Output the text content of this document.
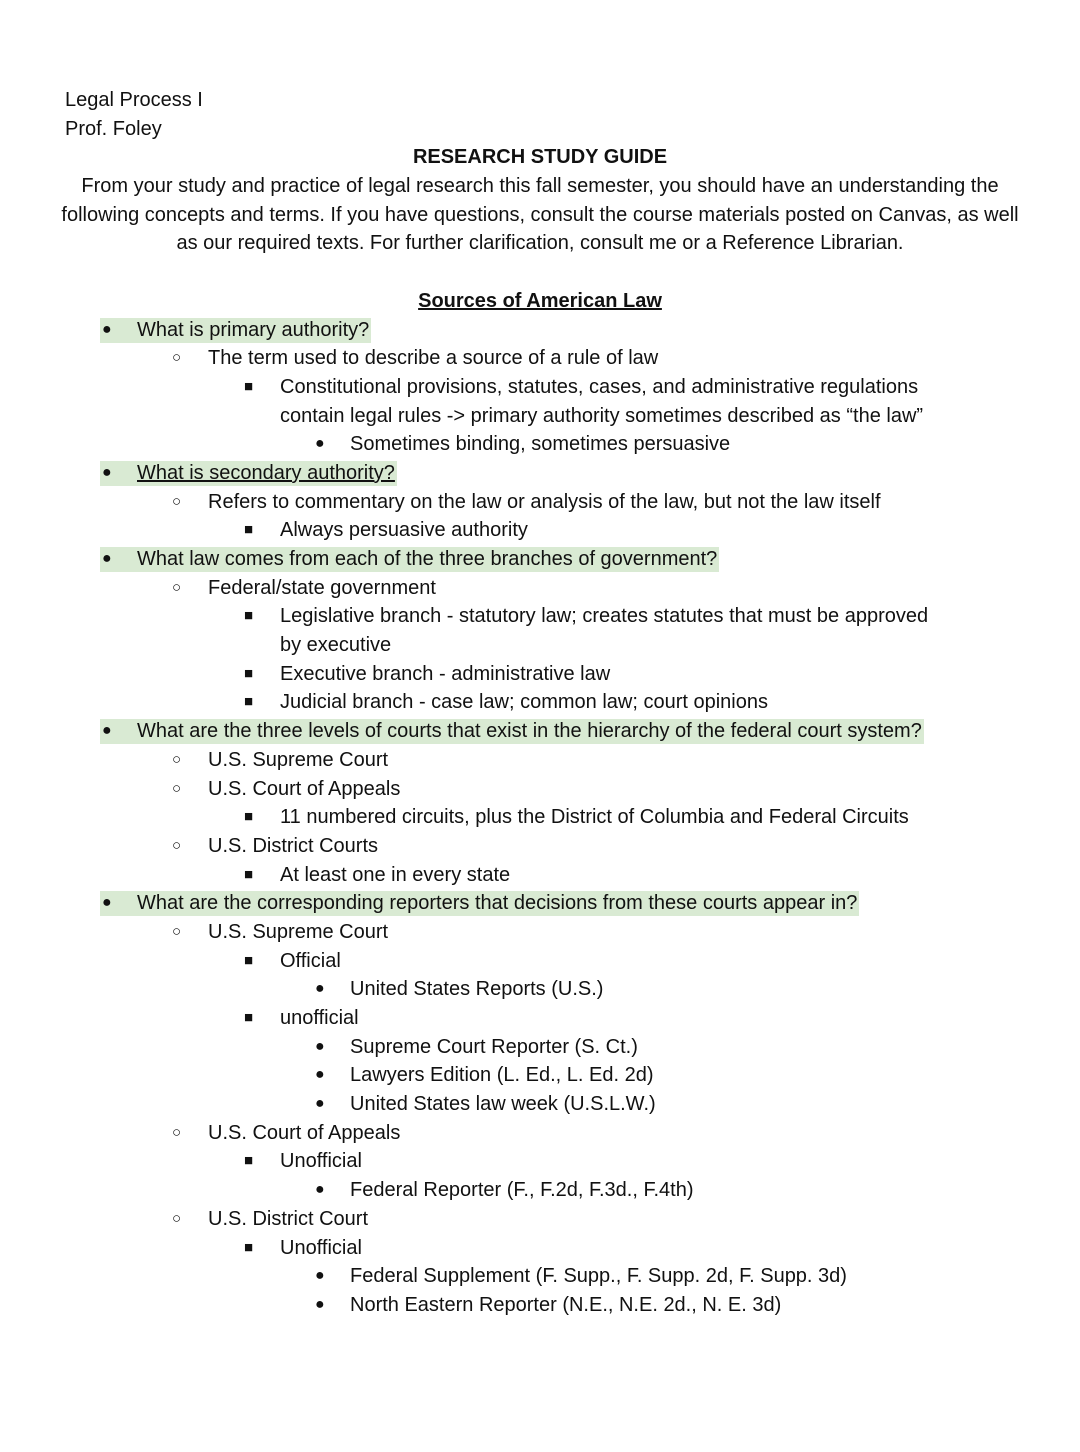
Legal Process I
Prof. Foley
RESEARCH STUDY GUIDE
From your study and practice of legal research this fall semester, you should have an understanding the following concepts and terms. If you have questions, consult the course materials posted on Canvas, as well as our required texts. For further clarification, consult me or a Reference Librarian.
Sources of American Law
● What is primary authority?
○ The term used to describe a source of a rule of law
■ Constitutional provisions, statutes, cases, and administrative regulations
contain legal rules -> primary authority sometimes described as “the law”
● Sometimes binding, sometimes persuasive
● What is secondary authority?
○ Refers to commentary on the law or analysis of the law, but not the law itself
■ Always persuasive authority
● What law comes from each of the three branches of government?
○ Federal/state government
■ Legislative branch - statutory law; creates statutes that must be approved
by executive
■ Executive branch - administrative law
■ Judicial branch - case law; common law; court opinions
● What are the three levels of courts that exist in the hierarchy of the federal court system?
○ U.S. Supreme Court
○ U.S. Court of Appeals
■ 11 numbered circuits, plus the District of Columbia and Federal Circuits
○ U.S. District Courts
■ At least one in every state
● What are the corresponding reporters that decisions from these courts appear in?
○ U.S. Supreme Court
■ Official
● United States Reports (U.S.)
■ unofficial
● Supreme Court Reporter (S. Ct.)
● Lawyers Edition (L. Ed., L. Ed. 2d)
● United States law week (U.S.L.W.)
○ U.S. Court of Appeals
■ Unofficial
● Federal Reporter (F., F.2d, F.3d., F.4th)
○ U.S. District Court
■ Unofficial
● Federal Supplement (F. Supp., F. Supp. 2d, F. Supp. 3d)
● North Eastern Reporter (N.E., N.E. 2d., N. E. 3d)
